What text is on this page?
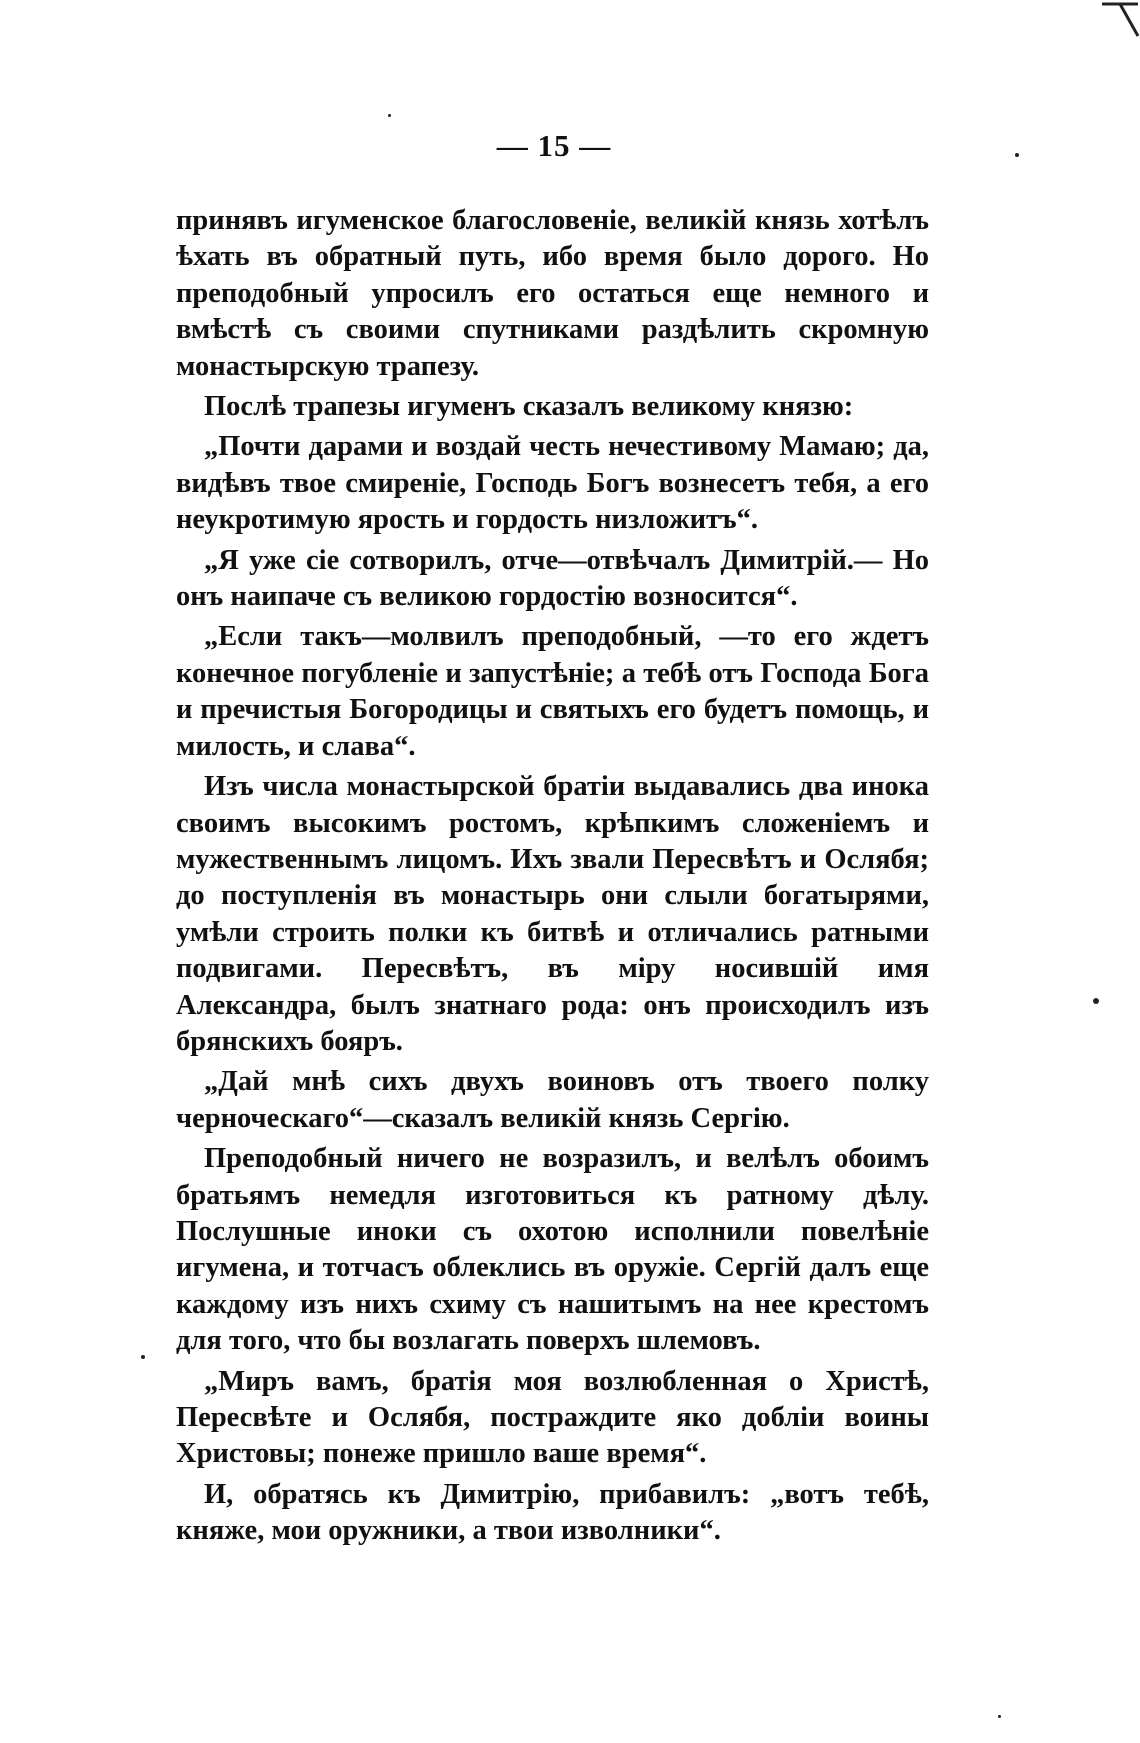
— 15 —

принявъ игуменское благословеніе, великій князь хотѣлъ ѣхать въ обратный путь, ибо время было дорого. Но преподобный упросилъ его остаться еще немного и вмѣстѣ съ своими спутниками раздѣлить скромную монастырскую трапезу.

Послѣ трапезы игуменъ сказалъ великому князю:

„Почти дарами и воздай честь нечестивому Мамаю; да, видѣвъ твое смиреніе, Господь Богъ вознесетъ тебя, а его неукротимую ярость и гордость низложитъ“.

„Я уже сіе сотворилъ, отче—отвѣчалъ Димитрій.— Но онъ наипаче съ великою гордостію возносится“.

„Если такъ—молвилъ преподобный, —то его ждетъ конечное погубленіе и запустѣніе; а тебѣ отъ Господа Бога и пречистыя Богородицы и святыхъ его будетъ помощь, и милость, и слава“.

Изъ числа монастырской братіи выдавались два инока своимъ высокимъ ростомъ, крѣпкимъ сложеніемъ и мужественнымъ лицомъ. Ихъ звали Пересвѣтъ и Ослябя; до поступленія въ монастырь они слыли богатырями, умѣли строить полки къ битвѣ и отличались ратными подвигами. Пересвѣтъ, въ міру носившій имя Александра, былъ знатнаго рода: онъ происходилъ изъ брянскихъ бояръ.

„Дай мнѣ сихъ двухъ воиновъ отъ твоего полку черноческаго“—сказалъ великій князь Сергію.

Преподобный ничего не возразилъ, и велѣлъ обоимъ братьямъ немедля изготовиться къ ратному дѣлу. Послушные иноки съ охотою исполнили повелѣніе игумена, и тотчасъ облеклись въ оружіе. Сергій далъ еще каждому изъ нихъ схиму съ нашитымъ на нее крестомъ для того, что бы возлагать поверхъ шлемовъ.

„Миръ вамъ, братія моя возлюбленная о Христѣ, Пересвѣте и Ослябя, постраждите яко добліи воины Христовы; понеже пришло ваше время“.

И, обратясь къ Димитрію, прибавилъ: „вотъ тебѣ, княже, мои оружники, а твои изволники“.
